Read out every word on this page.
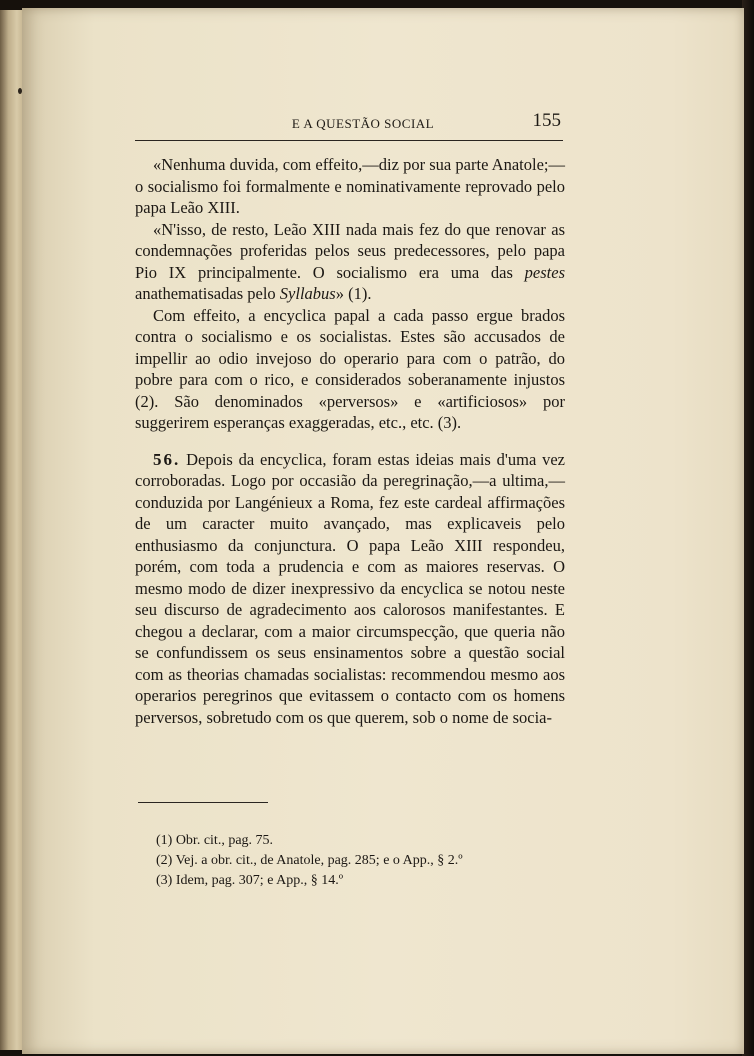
E A QUESTÃO SOCIAL	155

«Nenhuma duvida, com effeito,—diz por sua parte Anatole;—o socialismo foi formalmente e nominativamente reprovado pelo papa Leão XIII.

«N'isso, de resto, Leão XIII nada mais fez do que renovar as condemnações proferidas pelos seus predecessores, pelo papa Pio IX principalmente. O socialismo era uma das pestes anathematisadas pelo Syllabus» (1).

Com effeito, a encyclica papal a cada passo ergue brados contra o socialismo e os socialistas. Estes são accusados de impellir ao odio invejoso do operario para com o patrão, do pobre para com o rico, e considerados soberanamente injustos (2). São denominados «perversos» e «artificiosos» por suggerirem esperanças exaggeradas, etc., etc. (3).

56. Depois da encyclica, foram estas ideias mais d'uma vez corroboradas. Logo por occasião da peregrinação,—a ultima,—conduzida por Langénieux a Roma, fez este cardeal affirmações de um caracter muito avançado, mas explicaveis pelo enthusiasmo da conjunctura. O papa Leão XIII respondeu, porém, com toda a prudencia e com as maiores reservas. O mesmo modo de dizer inexpressivo da encyclica se notou neste seu discurso de agradecimento aos calorosos manifestantes. E chegou a declarar, com a maior circumspecção, que queria não se confundissem os seus ensinamentos sobre a questão social com as theorias chamadas socialistas: recommendou mesmo aos operarios peregrinos que evitassem o contacto com os homens perversos, sobretudo com os que querem, sob o nome de socia-

(1) Obr. cit., pag. 75.
(2) Vej. a obr. cit., de Anatole, pag. 285; e o App., § 2.º
(3) Idem, pag. 307; e App., § 14.º
